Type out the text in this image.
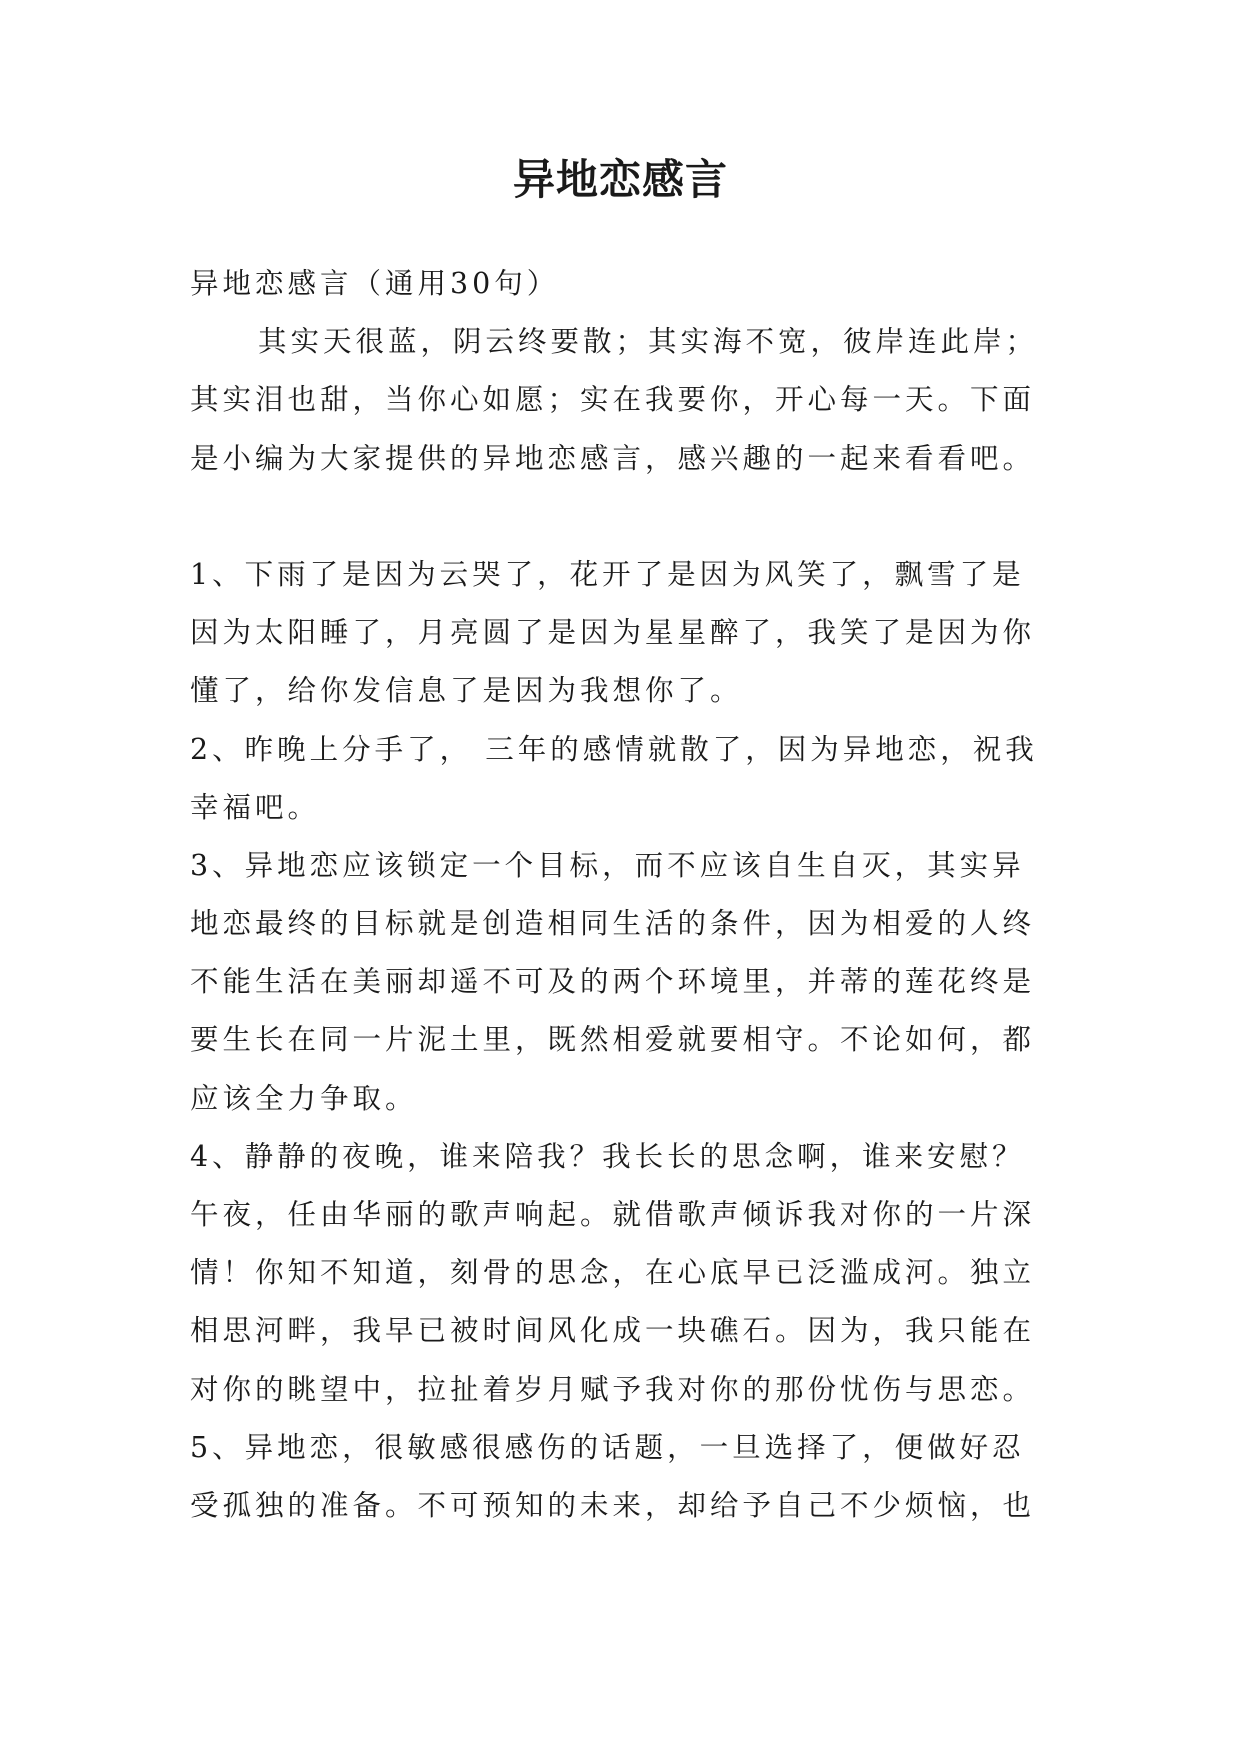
异地恋感言
异地恋感言（通用30句）
其实天很蓝，阴云终要散；其实海不宽，彼岸连此岸；
其实泪也甜，当你心如愿；实在我要你，开心每一天。下面
是小编为大家提供的异地恋感言，感兴趣的一起来看看吧。
1、下雨了是因为云哭了，花开了是因为风笑了，飘雪了是
因为太阳睡了，月亮圆了是因为星星醉了，我笑了是因为你
懂了，给你发信息了是因为我想你了。
2、昨晚上分手了， 三年的感情就散了，因为异地恋，祝我
幸福吧。
3、异地恋应该锁定一个目标，而不应该自生自灭，其实异
地恋最终的目标就是创造相同生活的条件，因为相爱的人终
不能生活在美丽却遥不可及的两个环境里，并蒂的莲花终是
要生长在同一片泥土里，既然相爱就要相守。不论如何，都
应该全力争取。
4、静静的夜晚，谁来陪我？我长长的思念啊，谁来安慰？
午夜，任由华丽的歌声响起。就借歌声倾诉我对你的一片深
情！你知不知道，刻骨的思念，在心底早已泛滥成河。独立
相思河畔，我早已被时间风化成一块礁石。因为，我只能在
对你的眺望中，拉扯着岁月赋予我对你的那份忧伤与思恋。
5、异地恋，很敏感很感伤的话题，一旦选择了，便做好忍
受孤独的准备。不可预知的未来，却给予自己不少烦恼，也
